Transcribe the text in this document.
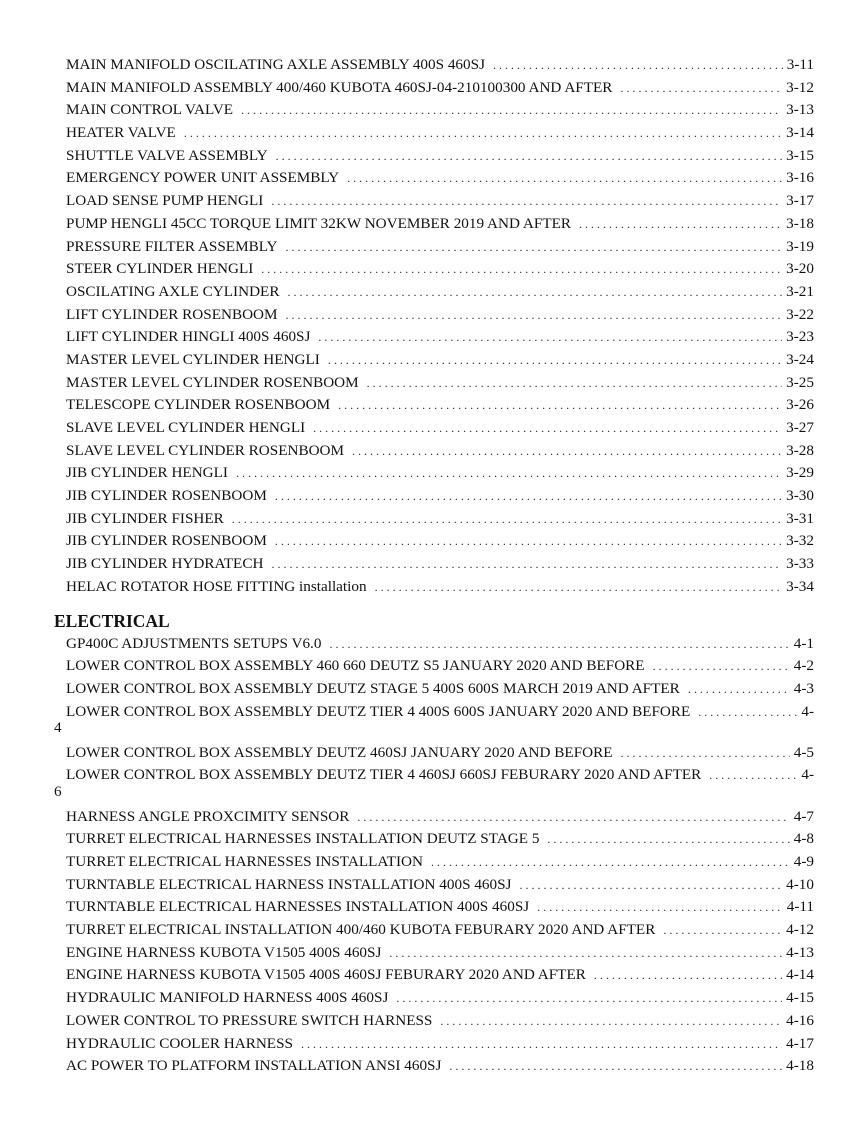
MAIN MANIFOLD OSCILATING AXLE ASSEMBLY 400S 460SJ . . .	3-11
MAIN MANIFOLD ASSEMBLY 400/460 KUBOTA 460SJ-04-210100300 AND AFTER . . .	3-12
MAIN CONTROL VALVE . . .	3-13
HEATER VALVE . . .	3-14
SHUTTLE VALVE ASSEMBLY . . .	3-15
EMERGENCY POWER UNIT ASSEMBLY . . .	3-16
LOAD SENSE PUMP HENGLI . . .	3-17
PUMP HENGLI 45CC TORQUE LIMIT 32KW NOVEMBER 2019 AND AFTER . . .	3-18
PRESSURE FILTER ASSEMBLY . . .	3-19
STEER CYLINDER HENGLI . . .	3-20
OSCILATING AXLE CYLINDER . . .	3-21
LIFT CYLINDER ROSENBOOM . . .	3-22
LIFT CYLINDER HINGLI 400S 460SJ . . .	3-23
MASTER LEVEL CYLINDER HENGLI . . .	3-24
MASTER LEVEL CYLINDER ROSENBOOM . . .	3-25
TELESCOPE CYLINDER ROSENBOOM . . .	3-26
SLAVE LEVEL CYLINDER HENGLI . . .	3-27
SLAVE LEVEL CYLINDER ROSENBOOM . . .	3-28
JIB CYLINDER HENGLI . . .	3-29
JIB CYLINDER ROSENBOOM . . .	3-30
JIB CYLINDER FISHER . . .	3-31
JIB CYLINDER ROSENBOOM . . .	3-32
JIB CYLINDER HYDRATECH . . .	3-33
HELAC ROTATOR HOSE FITTING installation . . .	3-34
ELECTRICAL
GP400C ADJUSTMENTS SETUPS V6.0 . . .	4-1
LOWER CONTROL BOX ASSEMBLY 460 660 DEUTZ S5 JANUARY 2020 AND BEFORE . . .	4-2
LOWER CONTROL BOX ASSEMBLY DEUTZ STAGE 5 400S 600S MARCH 2019 AND AFTER . . .	4-3
LOWER CONTROL BOX ASSEMBLY DEUTZ TIER 4 400S 600S JANUARY 2020 AND BEFORE . . .	4-
4
LOWER CONTROL BOX ASSEMBLY DEUTZ 460SJ JANUARY 2020 AND BEFORE . . .	4-5
LOWER CONTROL BOX ASSEMBLY DEUTZ TIER 4 460SJ 660SJ FEBURARY 2020 AND AFTER . . .	4-
6
HARNESS ANGLE PROXCIMITY SENSOR . . .	4-7
TURRET ELECTRICAL HARNESSES INSTALLATION DEUTZ STAGE 5 . . .	4-8
TURRET ELECTRICAL HARNESSES INSTALLATION . . .	4-9
TURNTABLE ELECTRICAL HARNESS INSTALLATION 400S 460SJ . . .	4-10
TURNTABLE ELECTRICAL HARNESSES INSTALLATION 400S 460SJ . . .	4-11
TURRET ELECTRICAL INSTALLATION 400/460 KUBOTA FEBURARY 2020 AND AFTER . . .	4-12
ENGINE HARNESS KUBOTA V1505 400S 460SJ . . .	4-13
ENGINE HARNESS KUBOTA V1505 400S 460SJ FEBURARY 2020 AND AFTER . . .	4-14
HYDRAULIC MANIFOLD HARNESS 400S 460SJ . . .	4-15
LOWER CONTROL TO PRESSURE SWITCH HARNESS . . .	4-16
HYDRAULIC COOLER HARNESS . . .	4-17
AC POWER TO PLATFORM INSTALLATION ANSI 460SJ . . .	4-18
